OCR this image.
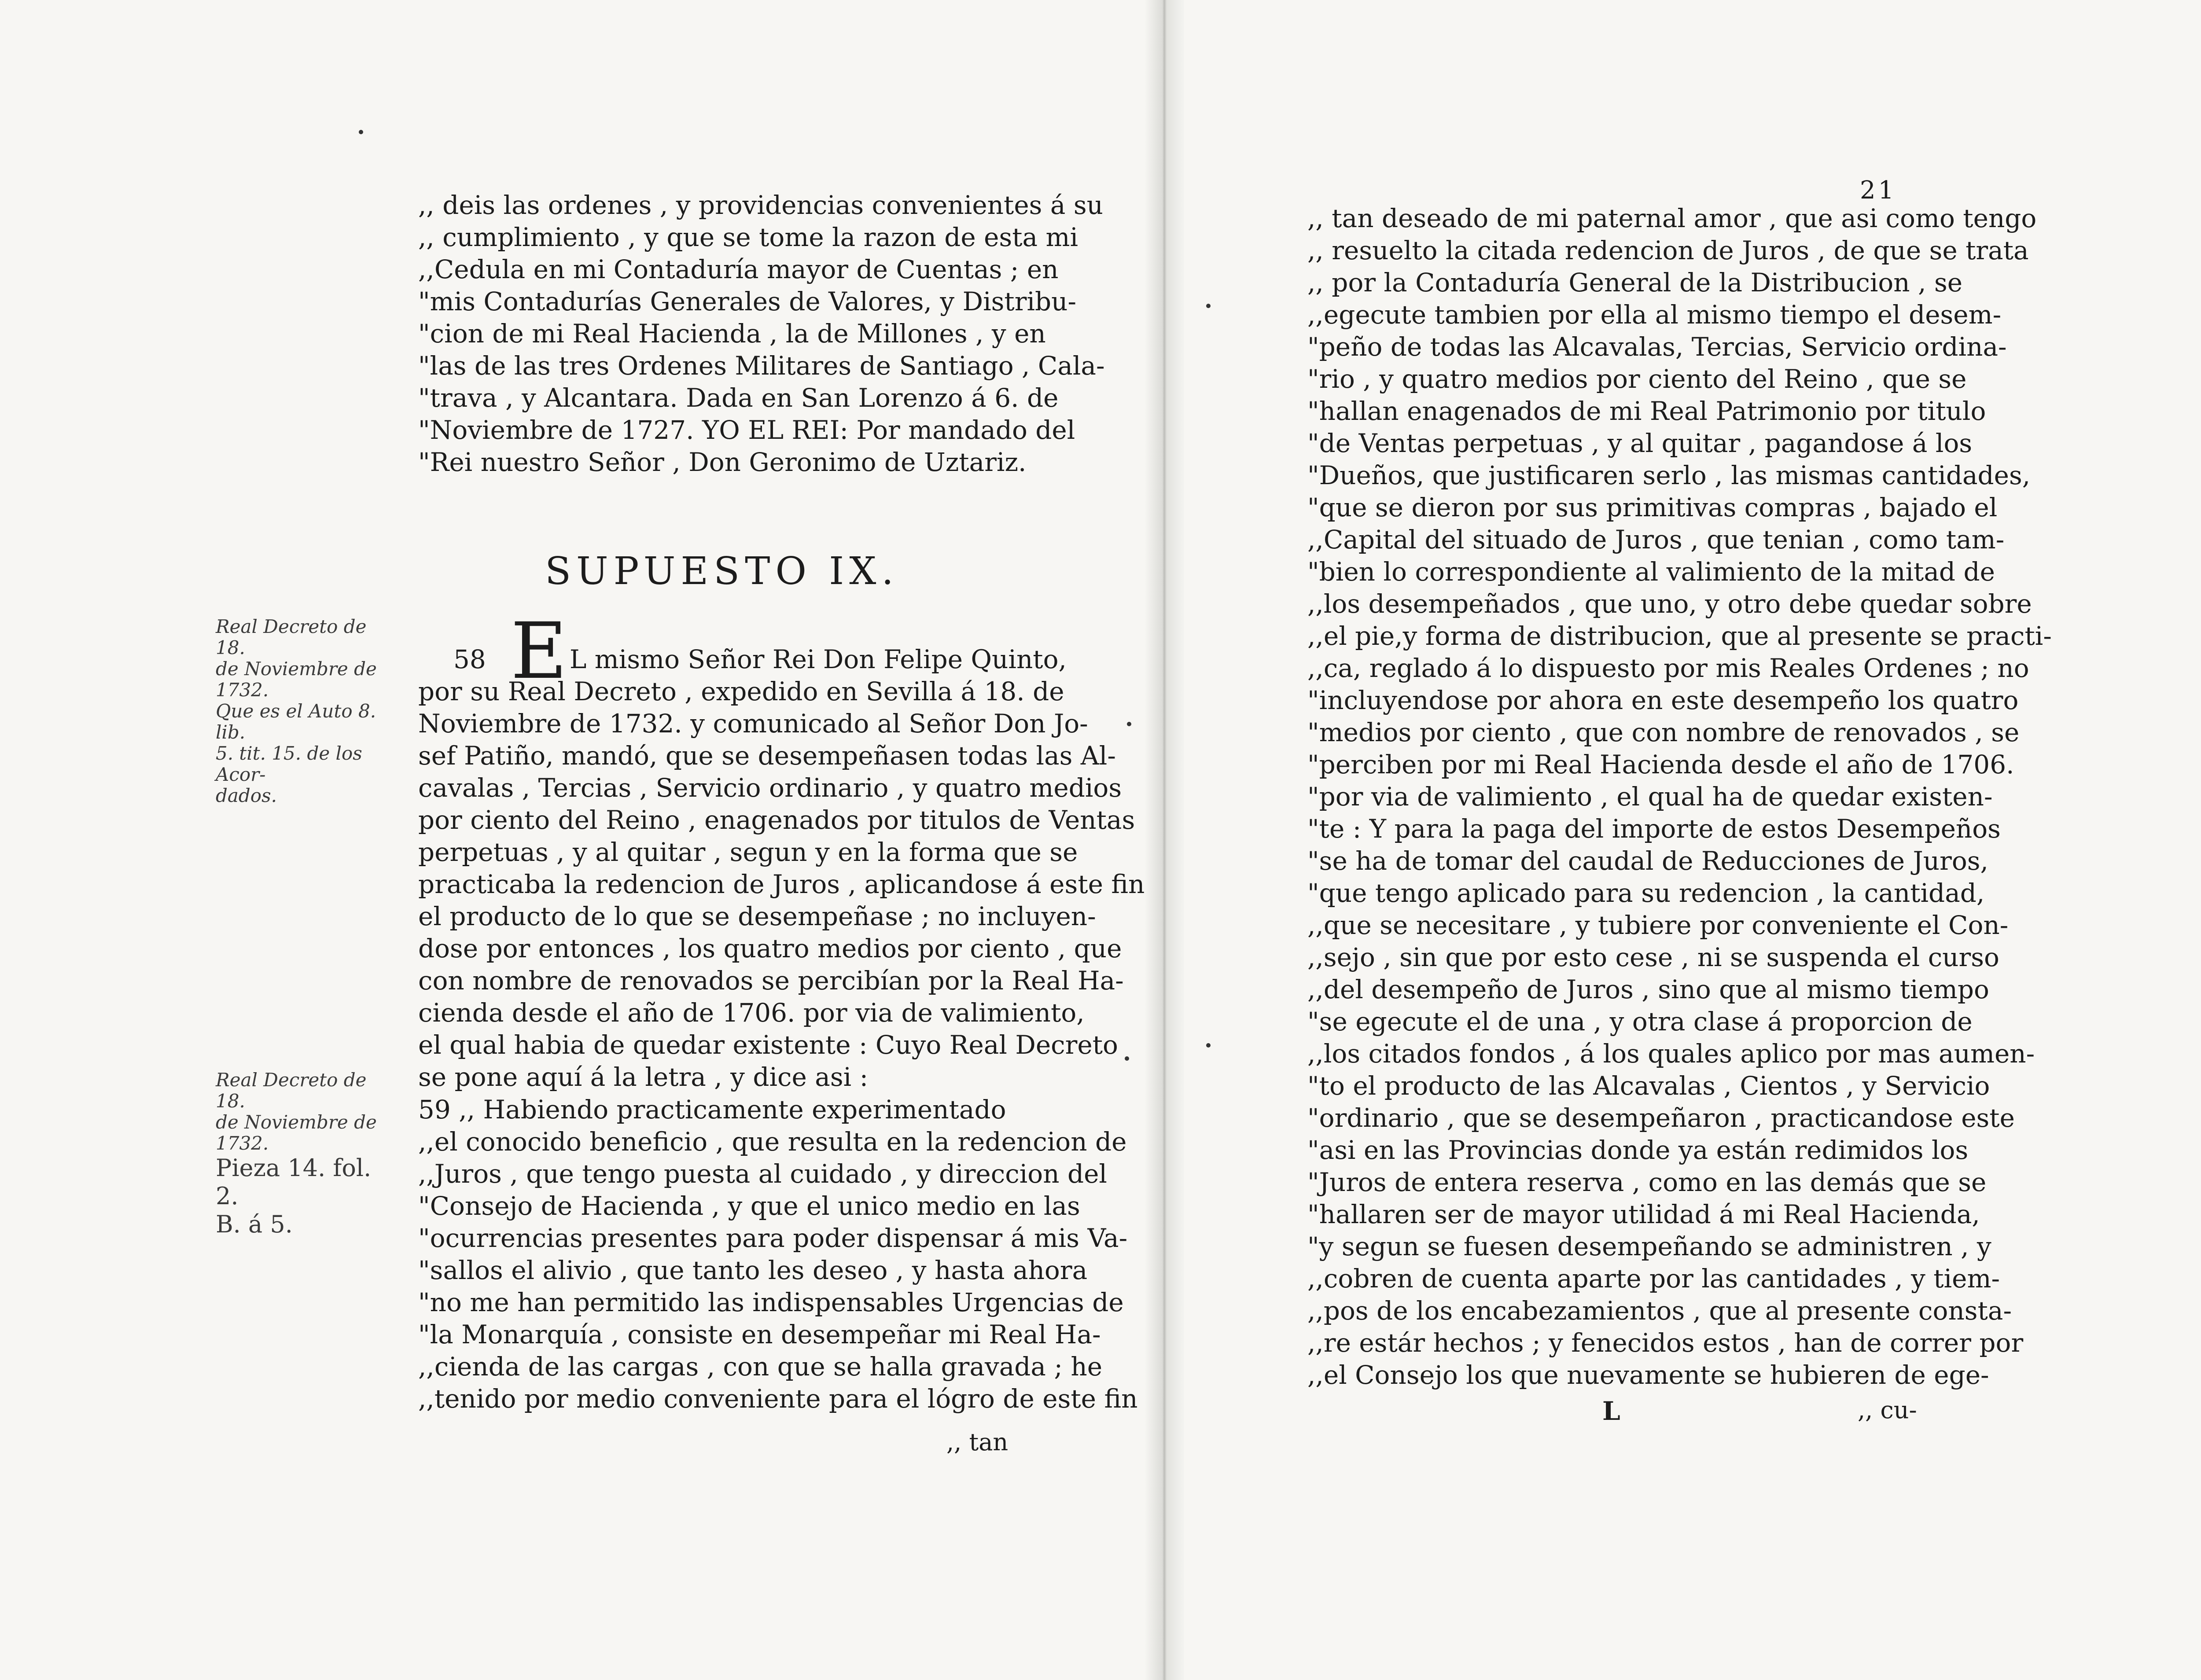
,, deis las ordenes , y providencias convenientes á su
,, cumplimiento , y que se tome la razon de esta mi
,,Cedula en mi Contaduría mayor de Cuentas ; en
"mis Contadurías Generales de Valores, y Distribu-
"cion de mi Real Hacienda , la de Millones , y en
"las de las tres Ordenes Militares de Santiago , Cala-
"trava , y Alcantara. Dada en San Lorenzo á 6. de
"Noviembre de 1727. YO EL REI: Por mandado del
"Rei nuestro Señor , Don Geronimo de Uztariz.
SUPUESTO IX.
E
58	L mismo Señor Rei Don Felipe Quinto,
por su Real Decreto , expedido en Sevilla á 18. de
Noviembre de 1732. y comunicado al Señor Don Jo-
sef Patiño, mandó, que se desempeñasen todas las Al-
cavalas , Tercias , Servicio ordinario , y quatro medios
por ciento del Reino , enagenados por titulos de Ventas
perpetuas , y al quitar , segun y en la forma que se
practicaba la redencion de Juros , aplicandose á este fin
el producto de lo que se desempeñase ; no incluyen-
dose por entonces , los quatro medios por ciento , que
con nombre de renovados se percibían por la Real Ha-
cienda desde el año de 1706. por via de valimiento,
el qual habia de quedar existente : Cuyo Real Decreto
se pone aquí á la letra , y dice asi :
59 ,, Habiendo practicamente experimentado
,,el conocido beneficio , que resulta en la redencion de
,,Juros , que tengo puesta al cuidado , y direccion del
"Consejo de Hacienda , y que el unico medio en las
"ocurrencias presentes para poder dispensar á mis Va-
"sallos el alivio , que tanto les deseo , y hasta ahora
"no me han permitido las indispensables Urgencias de
"la Monarquía , consiste en desempeñar mi Real Ha-
,,cienda de las cargas , con que se halla gravada ; he
,,tenido por medio conveniente para el lógro de este fin
,, tan
Real Decreto de 18.
de Noviembre de
1732.
Que es el Auto 8. lib.
5. tit. 15. de los Acor-
dados.
Real Decreto de 18.
de Noviembre de
1732.
Pieza 14. fol. 2.
B. á 5.
21
,, tan deseado de mi paternal amor , que asi como tengo
,, resuelto la citada redencion de Juros , de que se trata
,, por la Contaduría General de la Distribucion , se
,,egecute tambien por ella al mismo tiempo el desem-
"peño de todas las Alcavalas, Tercias, Servicio ordina-
"rio , y quatro medios por ciento del Reino , que se
"hallan enagenados de mi Real Patrimonio por titulo
"de Ventas perpetuas , y al quitar , pagandose á los
"Dueños, que justificaren serlo , las mismas cantidades,
"que se dieron por sus primitivas compras , bajado el
,,Capital del situado de Juros , que tenian , como tam-
"bien lo correspondiente al valimiento de la mitad de
,,los desempeñados , que uno, y otro debe quedar sobre
,,el pie,y forma de distribucion, que al presente se practi-
,,ca, reglado á lo dispuesto por mis Reales Ordenes ; no
"incluyendose por ahora en este desempeño los quatro
"medios por ciento , que con nombre de renovados , se
"perciben por mi Real Hacienda desde el año de 1706.
"por via de valimiento , el qual ha de quedar existen-
"te : Y para la paga del importe de estos Desempeños
"se ha de tomar del caudal de Reducciones de Juros,
"que tengo aplicado para su redencion , la cantidad,
,,que se necesitare , y tubiere por conveniente el Con-
,,sejo , sin que por esto cese , ni se suspenda el curso
,,del desempeño de Juros , sino que al mismo tiempo
"se egecute el de una , y otra clase á proporcion de
,,los citados fondos , á los quales aplico por mas aumen-
"to el producto de las Alcavalas , Cientos , y Servicio
"ordinario , que se desempeñaron , practicandose este
"asi en las Provincias donde ya están redimidos los
"Juros de entera reserva , como en las demás que se
"hallaren ser de mayor utilidad á mi Real Hacienda,
"y segun se fuesen desempeñando se administren , y
,,cobren de cuenta aparte por las cantidades , y tiem-
,,pos de los encabezamientos , que al presente consta-
,,re estár hechos ; y fenecidos estos , han de correr por
,,el Consejo los que nuevamente se hubieren de ege-
L	,, cu-
